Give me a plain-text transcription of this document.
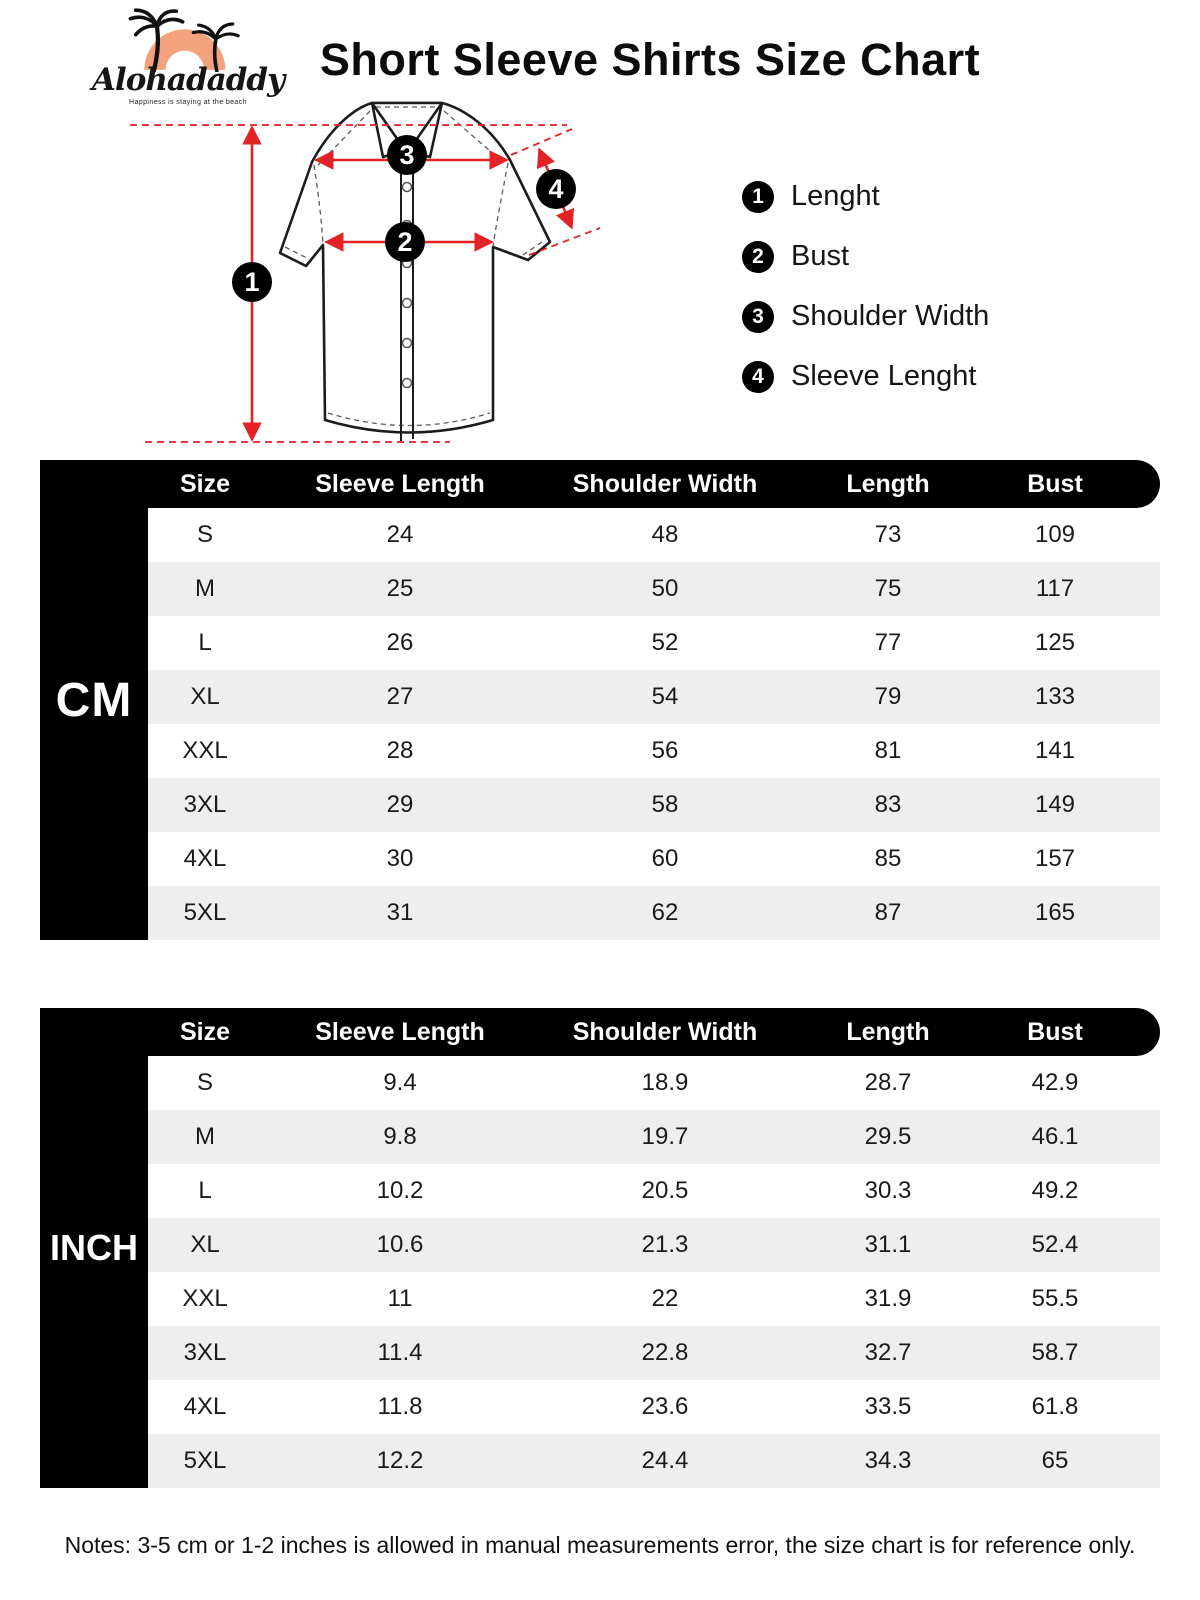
Alohadaddy
Happiness is staying at the beach
Short Sleeve Shirts Size Chart
1
2
3
4	1 Lenght
2 Bust
3 Shoulder Width
4 Sleeve Lenght
Size	Sleeve Length	Shoulder Width	Length	Bust
S	24	48	73	109
M	25	50	75	117
L	26	52	77	125
XL	27	54	79	133
XXL	28	56	81	141
3XL	29	58	83	149
4XL	30	60	85	157
5XL	31	62	87	165
CM
Size	Sleeve Length	Shoulder Width	Length	Bust
S	9.4	18.9	28.7	42.9
M	9.8	19.7	29.5	46.1
L	10.2	20.5	30.3	49.2
XL	10.6	21.3	31.1	52.4
XXL	11	22	31.9	55.5
3XL	11.4	22.8	32.7	58.7
4XL	11.8	23.6	33.5	61.8
5XL	12.2	24.4	34.3	65
INCH
Notes: 3-5 cm or 1-2 inches is allowed in manual measurements error, the size chart is for reference only.
